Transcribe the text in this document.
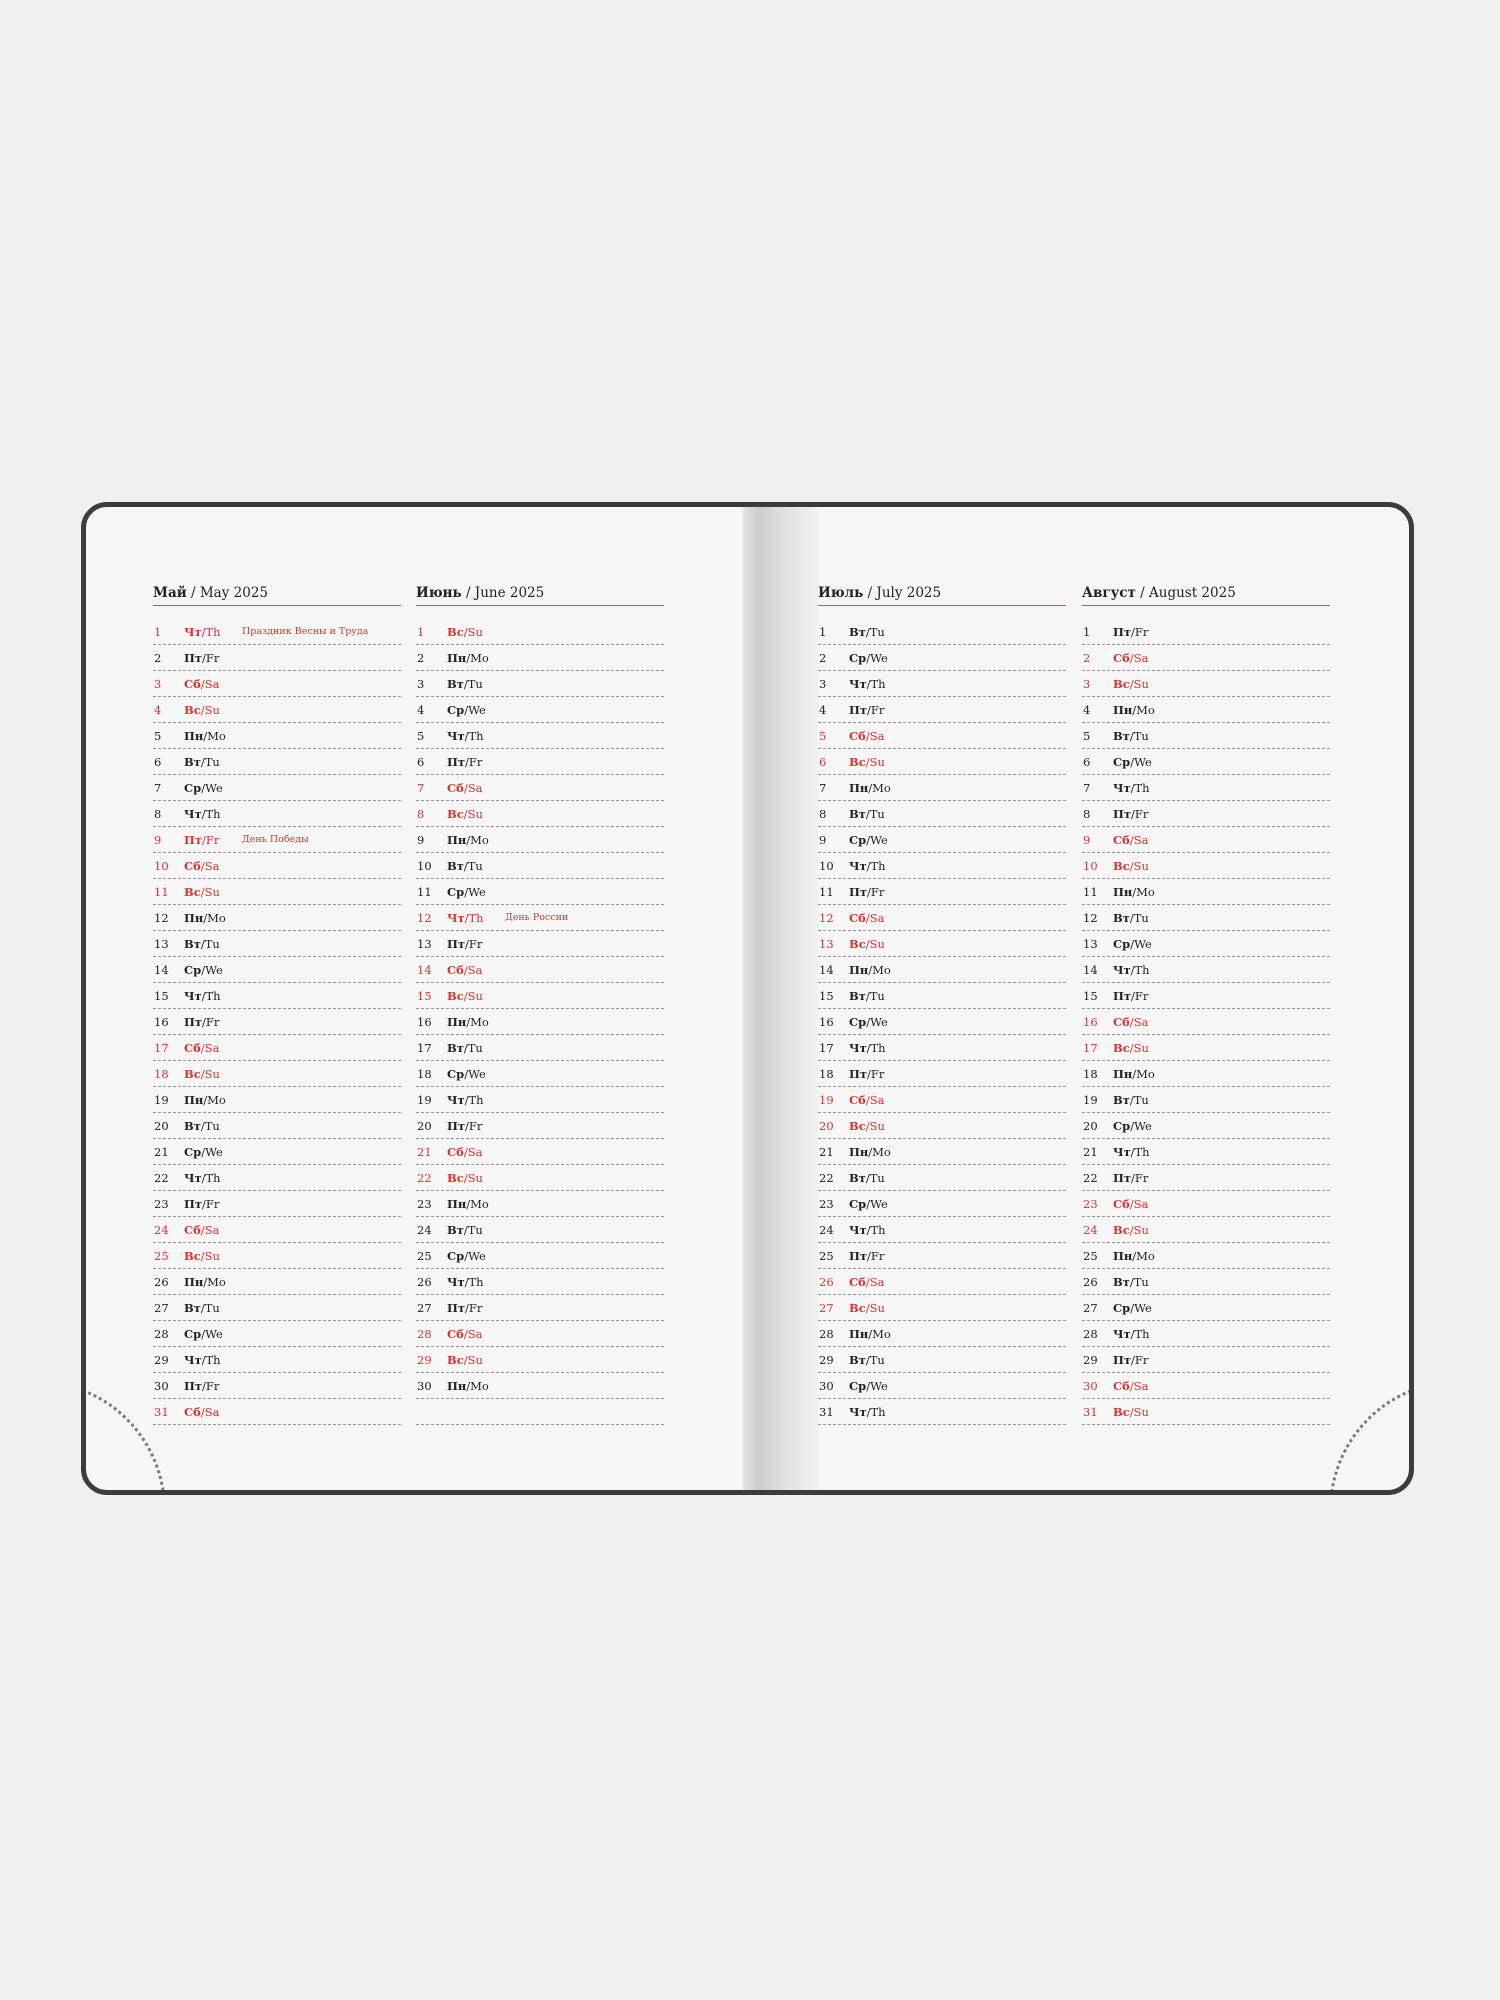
Май / May 2025
1	Чт/Th	Праздник Весны и Труда
2	Пт/Fr
3	Сб/Sa
4	Вс/Su
5	Пн/Mo
6	Вт/Tu
7	Ср/We
8	Чт/Th
9	Пт/Fr	День Победы
10	Сб/Sa
11	Вс/Su
12	Пн/Mo
13	Вт/Tu
14	Ср/We
15	Чт/Th
16	Пт/Fr
17	Сб/Sa
18	Вс/Su
19	Пн/Mo
20	Вт/Tu
21	Ср/We
22	Чт/Th
23	Пт/Fr
24	Сб/Sa
25	Вс/Su
26	Пн/Mo
27	Вт/Tu
28	Ср/We
29	Чт/Th
30	Пт/Fr
31	Сб/Sa
Июнь / June 2025
1	Вс/Su
2	Пн/Mo
3	Вт/Tu
4	Ср/We
5	Чт/Th
6	Пт/Fr
7	Сб/Sa
8	Вс/Su
9	Пн/Mo
10	Вт/Tu
11	Ср/We
12	Чт/Th	День России
13	Пт/Fr
14	Сб/Sa
15	Вс/Su
16	Пн/Mo
17	Вт/Tu
18	Ср/We
19	Чт/Th
20	Пт/Fr
21	Сб/Sa
22	Вс/Su
23	Пн/Mo
24	Вт/Tu
25	Ср/We
26	Чт/Th
27	Пт/Fr
28	Сб/Sa
29	Вс/Su
30	Пн/Mo
Июль / July 2025
1	Вт/Tu
2	Ср/We
3	Чт/Th
4	Пт/Fr
5	Сб/Sa
6	Вс/Su
7	Пн/Mo
8	Вт/Tu
9	Ср/We
10	Чт/Th
11	Пт/Fr
12	Сб/Sa
13	Вс/Su
14	Пн/Mo
15	Вт/Tu
16	Ср/We
17	Чт/Th
18	Пт/Fr
19	Сб/Sa
20	Вс/Su
21	Пн/Mo
22	Вт/Tu
23	Ср/We
24	Чт/Th
25	Пт/Fr
26	Сб/Sa
27	Вс/Su
28	Пн/Mo
29	Вт/Tu
30	Ср/We
31	Чт/Th
Август / August 2025
1	Пт/Fr
2	Сб/Sa
3	Вс/Su
4	Пн/Mo
5	Вт/Tu
6	Ср/We
7	Чт/Th
8	Пт/Fr
9	Сб/Sa
10	Вс/Su
11	Пн/Mo
12	Вт/Tu
13	Ср/We
14	Чт/Th
15	Пт/Fr
16	Сб/Sa
17	Вс/Su
18	Пн/Mo
19	Вт/Tu
20	Ср/We
21	Чт/Th
22	Пт/Fr
23	Сб/Sa
24	Вс/Su
25	Пн/Mo
26	Вт/Tu
27	Ср/We
28	Чт/Th
29	Пт/Fr
30	Сб/Sa
31	Вс/Su
